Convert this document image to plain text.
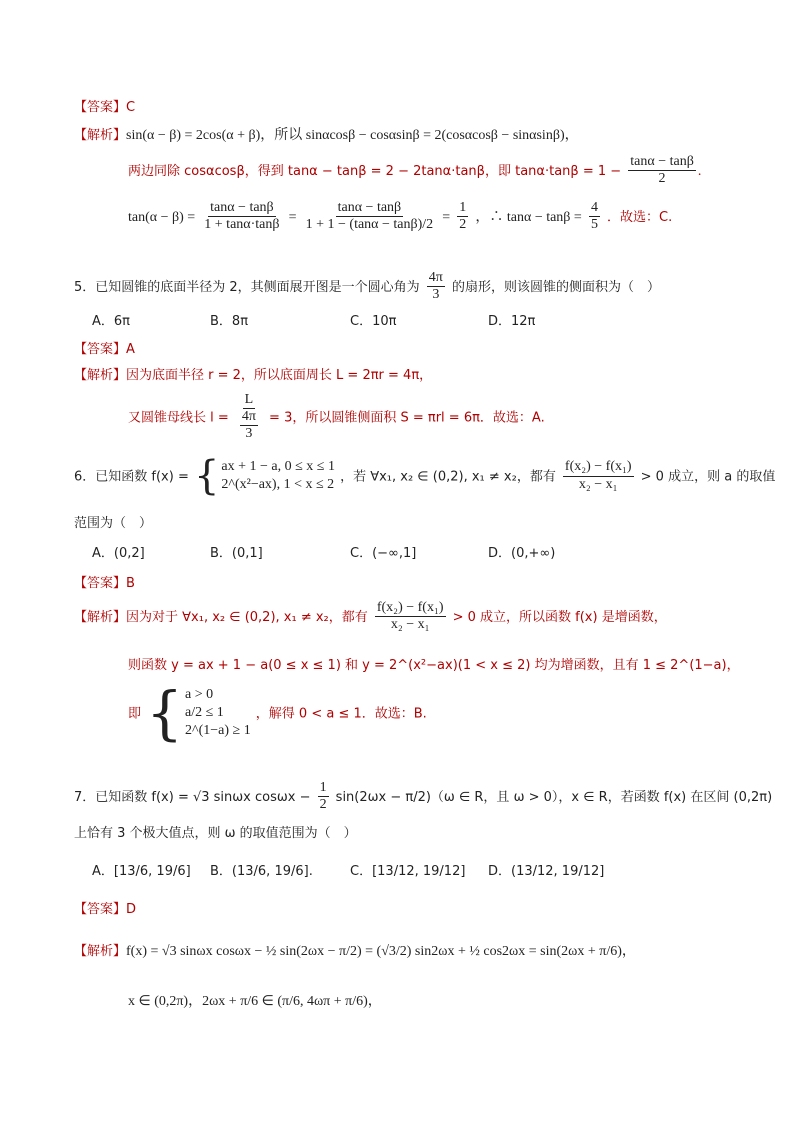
【答案】C
【解析】sin(α − β) = 2cos(α + β)，所以 sinαcosβ − cosαsinβ = 2(cosαcosβ − sinαsinβ)，
两边同除 cosαcosβ，得到 tanα − tanβ = 2 − 2tanα·tanβ，即 $\tan\alpha\cdot\tan\beta = 1 - \frac{\tan\alpha - \tan\beta}{2}$ .
$\tan(\alpha - \beta) = \frac{\tan\alpha - \tan\beta}{1 + \tan\alpha\cdot\tan\beta} = \frac{\tan\alpha - \tan\beta}{1 + 1 - (\tan\alpha - \tan\beta)/2} = \frac{1}{2}$ ，∴ $\tan\alpha - \tan\beta = \frac{4}{5}$ ．故选：C.
5．已知圆锥的底面半径为 2，其侧面展开图是一个圆心角为 $\frac{4\pi}{3}$ 的扇形，则该圆锥的侧面积为（　）
A．6π	B．8π	C．10π	D．12π
【答案】A
【解析】因为底面半径 r = 2，所以底面周长 L = 2πr = 4π，
又圆锥母线长 $l = \frac{L}{\frac{4\pi}{3}} = 3$，所以圆锥侧面积 S = πrl = 6π．故选：A.
6．已知函数 f(x) = { ax + 1 − a, 0 ≤ x ≤ 1
2^(x²−ax), 1 < x ≤ 2 ，若 ∀x₁, x₂ ∈ (0,2), x₁ ≠ x₂，都有 $\frac{\text{f(x₂) − f(x₁)}}{\text{x₂ − x₁}} > 0$ 成立，则 a 的取值
范围为（　）
A．(0,2]	B．(0,1]	C．(−∞,1]	D．(0,+∞)
【答案】B
【解析】因为对于 ∀x₁, x₂ ∈ (0,2), x₁ ≠ x₂，都有 $\frac{\text{f(x₂) − f(x₁)}}{\text{x₂ − x₁}} > 0$ 成立，所以函数 f(x) 是增函数，
则函数 y = ax + 1 − a(0 ≤ x ≤ 1) 和 y = 2^(x²−ax)(1 < x ≤ 2) 均为增函数，且有 1 ≤ 2^(1−a)，
即 { a > 0
a/2 ≤ 1
2^(1−a) ≥ 1
，解得 0 < a ≤ 1．故选：B.
7．已知函数 f(x) = √3 sinωx $\cos\omega x - \frac{1}{2} \sin(2\omega x - \pi/2)(\omega$ ∈ R，且 ω > 0），x ∈ R，若函数 f(x) 在区间 (0,2π)
上恰有 3 个极大值点，则 ω 的取值范围为（　）
A．[13/6, 19/6] B．(13/6, 19/6].	C．[13/12, 19/12] D．(13/12, 19/12]
【答案】D
【解析】f(x) = √3 sinωx cosωx − ½ sin(2ωx − π/2) = (√3/2) sin2ωx + ½ cos2ωx = sin(2ωx + π/6)，
x ∈ (0,2π)，2ωx + π/6 ∈ (π/6, 4ωπ + π/6)，
